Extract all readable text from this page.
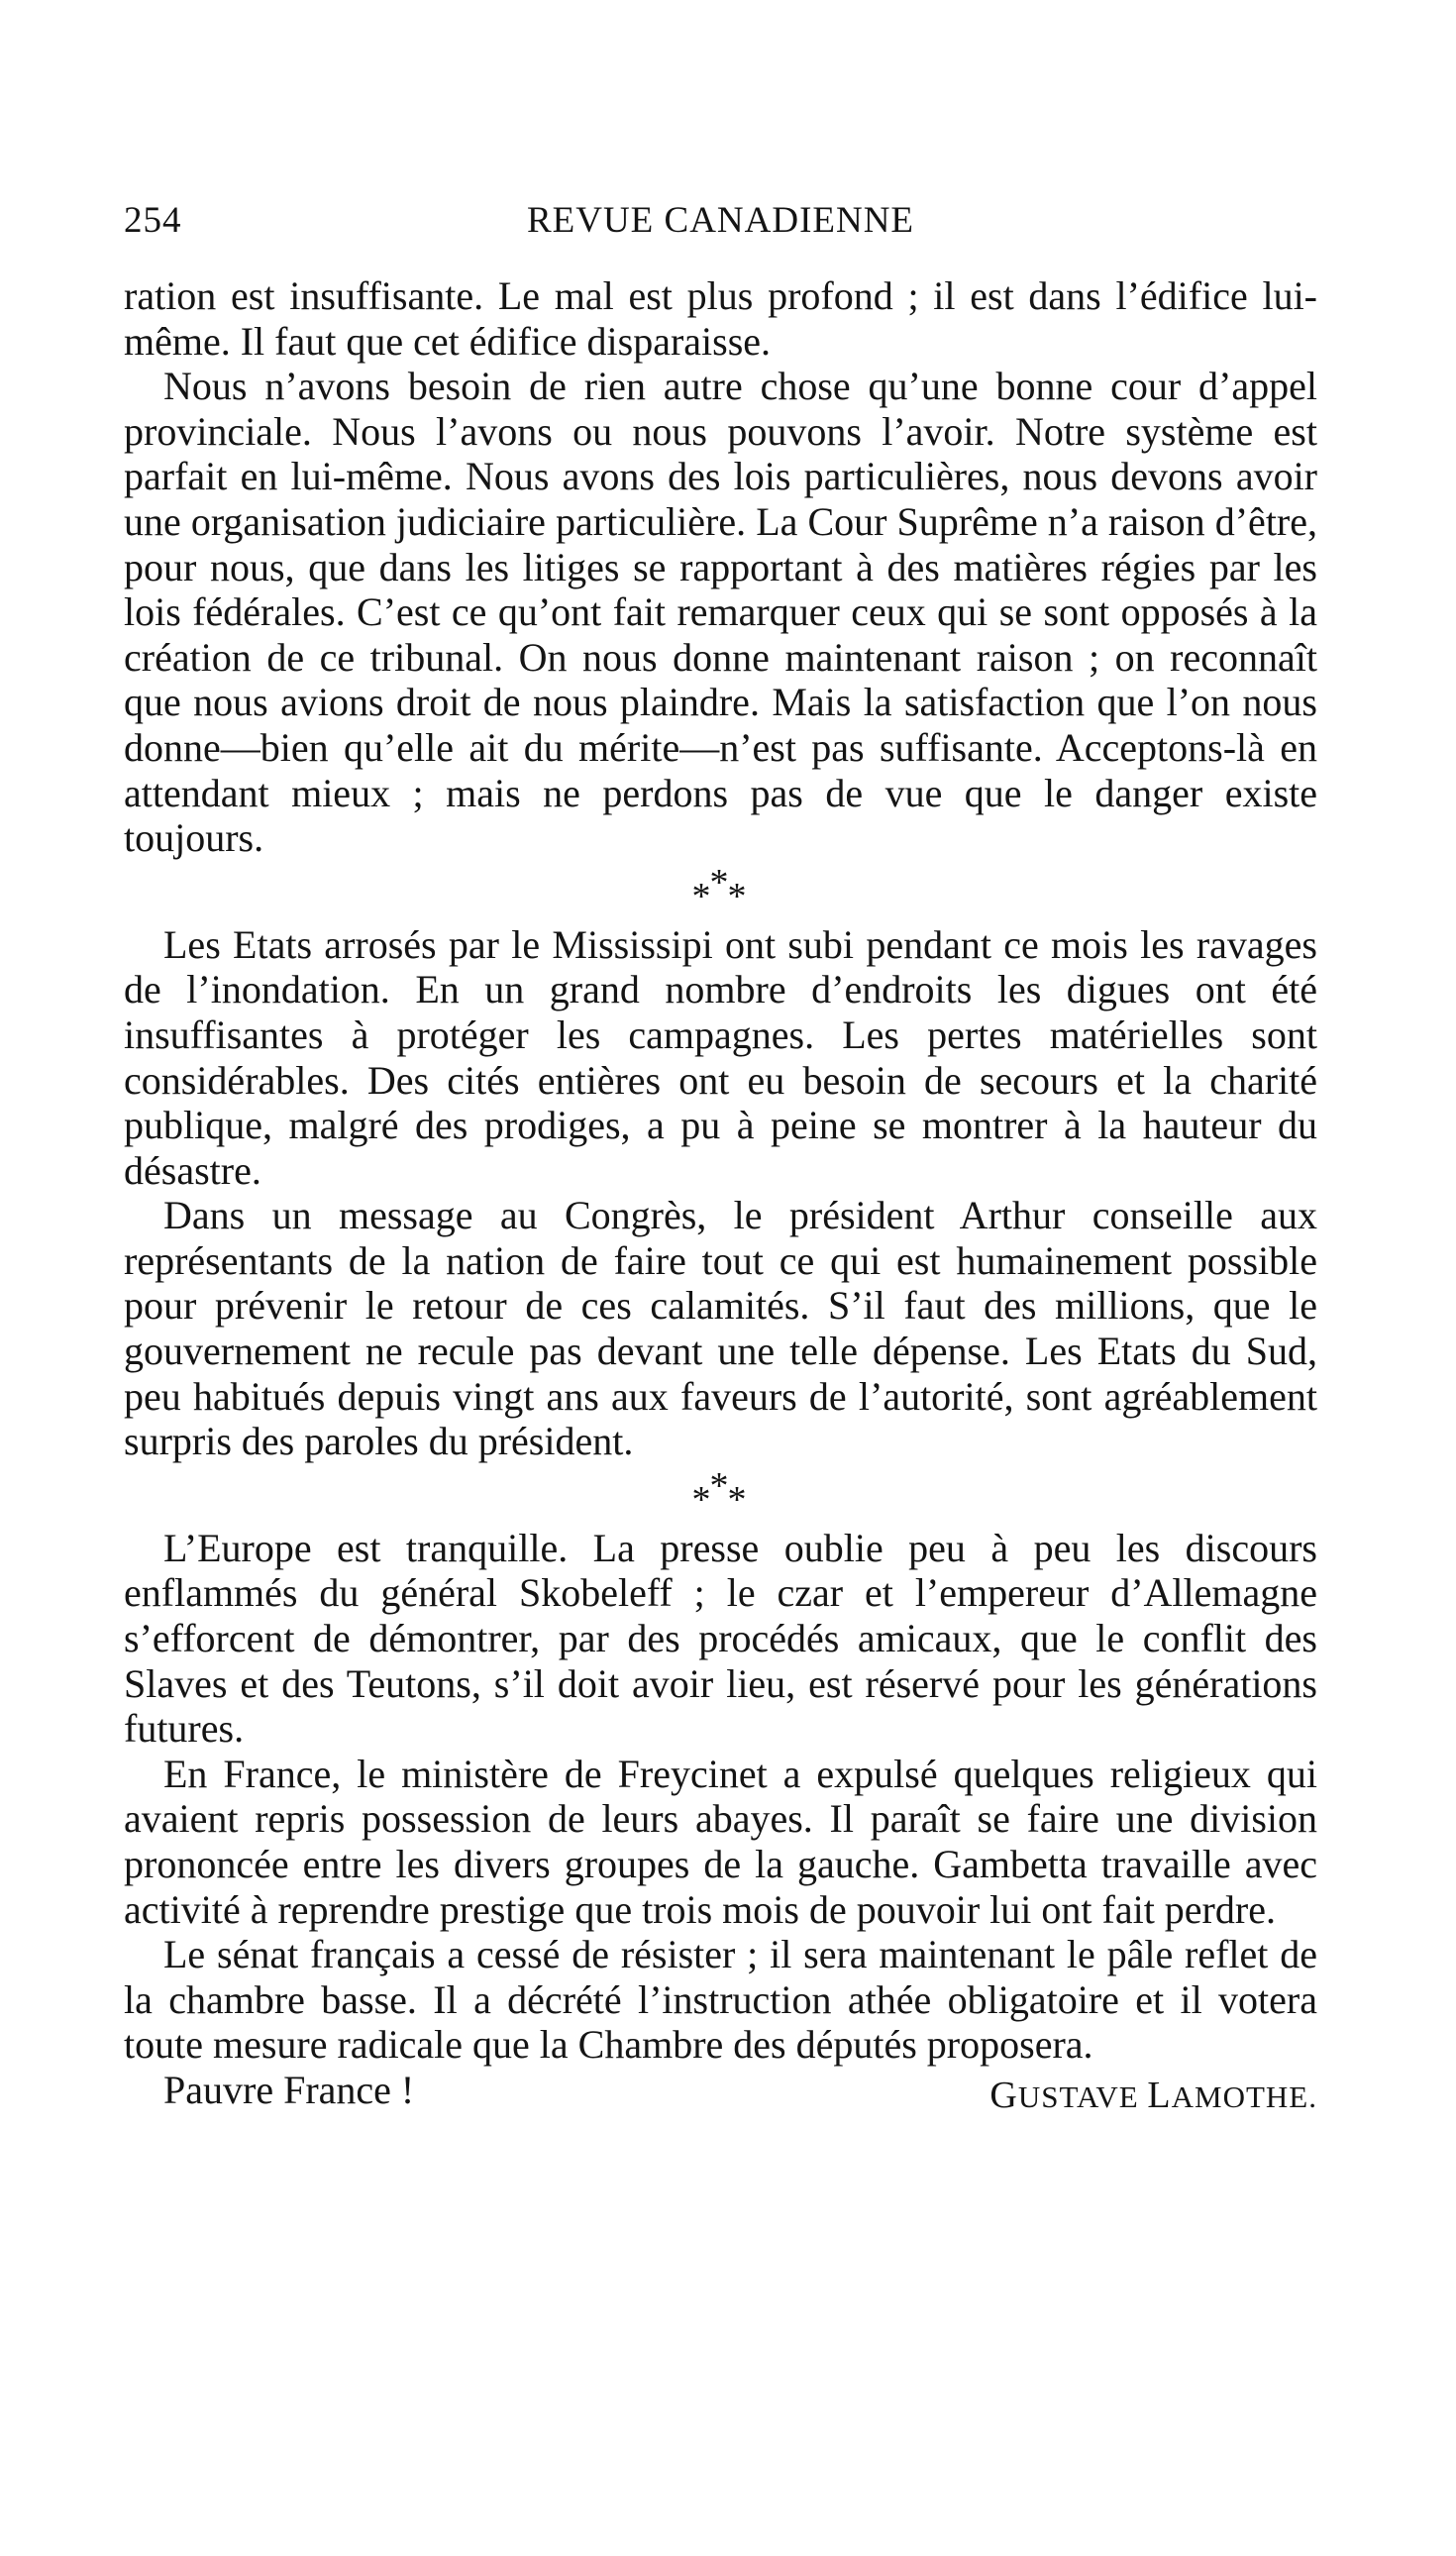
254	REVUE CANADIENNE

ration est insuffisante. Le mal est plus profond ; il est dans l’édifice lui-même. Il faut que cet édifice disparaisse.

Nous n’avons besoin de rien autre chose qu’une bonne cour d’appel provinciale. Nous l’avons ou nous pouvons l’avoir. Notre système est parfait en lui-même. Nous avons des lois particulières, nous devons avoir une organisation judiciaire particulière. La Cour Suprême n’a raison d’être, pour nous, que dans les litiges se rapportant à des matières régies par les lois fédérales. C’est ce qu’ont fait remarquer ceux qui se sont opposés à la création de ce tribunal. On nous donne maintenant raison ; on reconnaît que nous avions droit de nous plaindre. Mais la satisfaction que l’on nous donne—bien qu’elle ait du mérite—n’est pas suffisante. Acceptons-là en attendant mieux ; mais ne perdons pas de vue que le danger existe toujours.

*
* *

Les Etats arrosés par le Mississipi ont subi pendant ce mois les ravages de l’inondation. En un grand nombre d’endroits les digues ont été insuffisantes à protéger les campagnes. Les pertes matérielles sont considérables. Des cités entières ont eu besoin de secours et la charité publique, malgré des prodiges, a pu à peine se montrer à la hauteur du désastre.

Dans un message au Congrès, le président Arthur conseille aux représentants de la nation de faire tout ce qui est humainement possible pour prévenir le retour de ces calamités. S’il faut des millions, que le gouvernement ne recule pas devant une telle dépense. Les Etats du Sud, peu habitués depuis vingt ans aux faveurs de l’autorité, sont agréablement surpris des paroles du président.

*
* *

L’Europe est tranquille. La presse oublie peu à peu les discours enflammés du général Skobeleff ; le czar et l’empereur d’Allemagne s’efforcent de démontrer, par des procédés amicaux, que le conflit des Slaves et des Teutons, s’il doit avoir lieu, est réservé pour les générations futures.

En France, le ministère de Freycinet a expulsé quelques religieux qui avaient repris possession de leurs abayes. Il paraît se faire une division prononcée entre les divers groupes de la gauche. Gambetta travaille avec activité à reprendre prestige que trois mois de pouvoir lui ont fait perdre.

Le sénat français a cessé de résister ; il sera maintenant le pâle reflet de la chambre basse. Il a décrété l’instruction athée obligatoire et il votera toute mesure radicale que la Chambre des députés proposera.

Pauvre France !	GUSTAVE LAMOTHE.
